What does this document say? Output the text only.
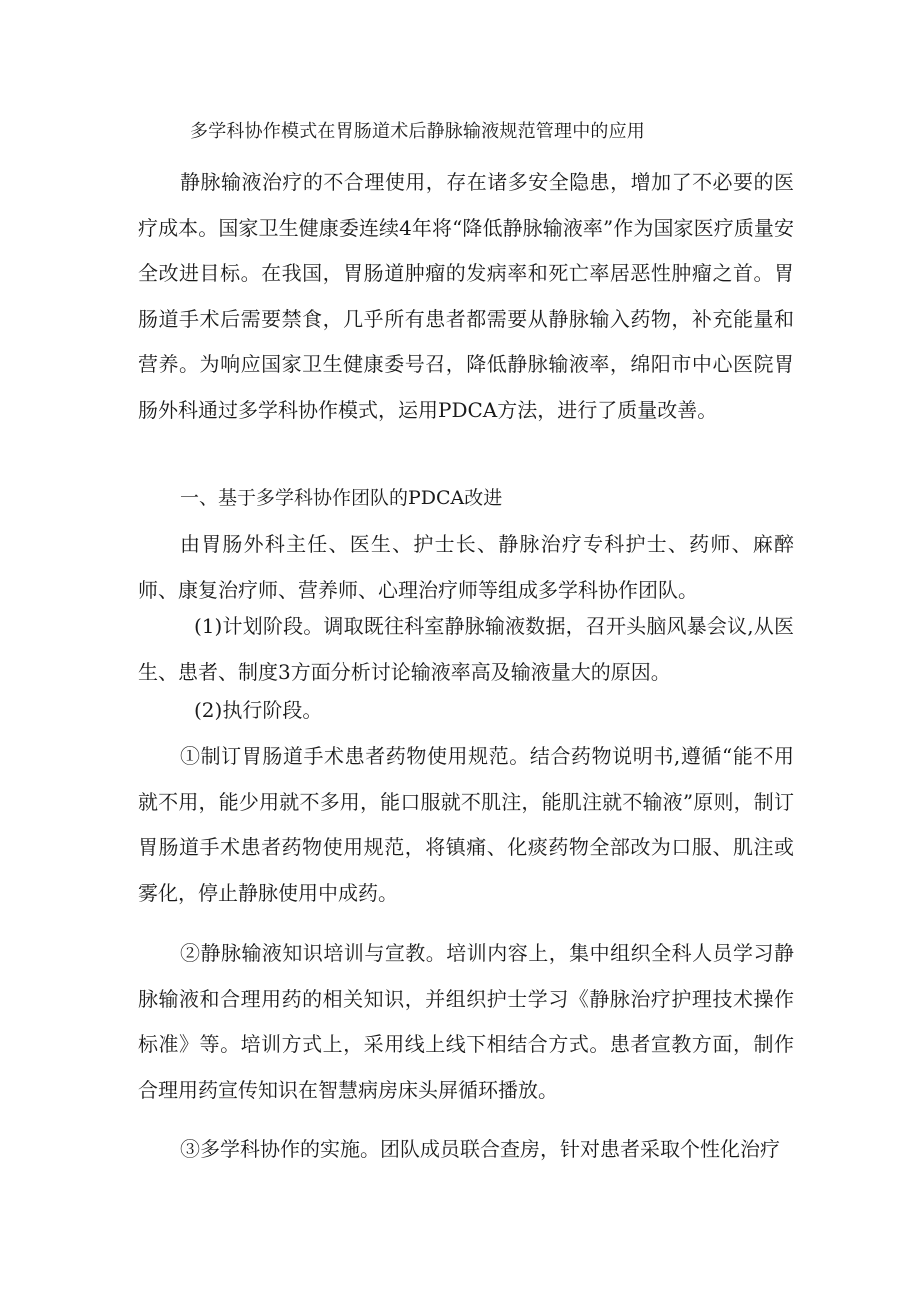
多学科协作模式在胃肠道术后静脉输液规范管理中的应用

静脉输液治疗的不合理使用，存在诸多安全隐患，增加了不必要的医疗成本。国家卫生健康委连续4年将“降低静脉输液率”作为国家医疗质量安全改进目标。在我国，胃肠道肿瘤的发病率和死亡率居恶性肿瘤之首。胃肠道手术后需要禁食，几乎所有患者都需要从静脉输入药物，补充能量和营养。为响应国家卫生健康委号召，降低静脉输液率，绵阳市中心医院胃肠外科通过多学科协作模式，运用PDCA方法，进行了质量改善。

一、基于多学科协作团队的PDCA改进

由胃肠外科主任、医生、护士长、静脉治疗专科护士、药师、麻醉师、康复治疗师、营养师、心理治疗师等组成多学科协作团队。

(1)计划阶段。调取既往科室静脉输液数据，召开头脑风暴会议,从医生、患者、制度3方面分析讨论输液率高及输液量大的原因。

(2)执行阶段。

①制订胃肠道手术患者药物使用规范。结合药物说明书,遵循“能不用就不用，能少用就不多用，能口服就不肌注，能肌注就不输液”原则，制订胃肠道手术患者药物使用规范，将镇痛、化痰药物全部改为口服、肌注或雾化，停止静脉使用中成药。

②静脉输液知识培训与宣教。培训内容上，集中组织全科人员学习静脉输液和合理用药的相关知识，并组织护士学习《静脉治疗护理技术操作标准》等。培训方式上，采用线上线下相结合方式。患者宣教方面，制作合理用药宣传知识在智慧病房床头屏循环播放。

③多学科协作的实施。团队成员联合查房，针对患者采取个性化治疗
